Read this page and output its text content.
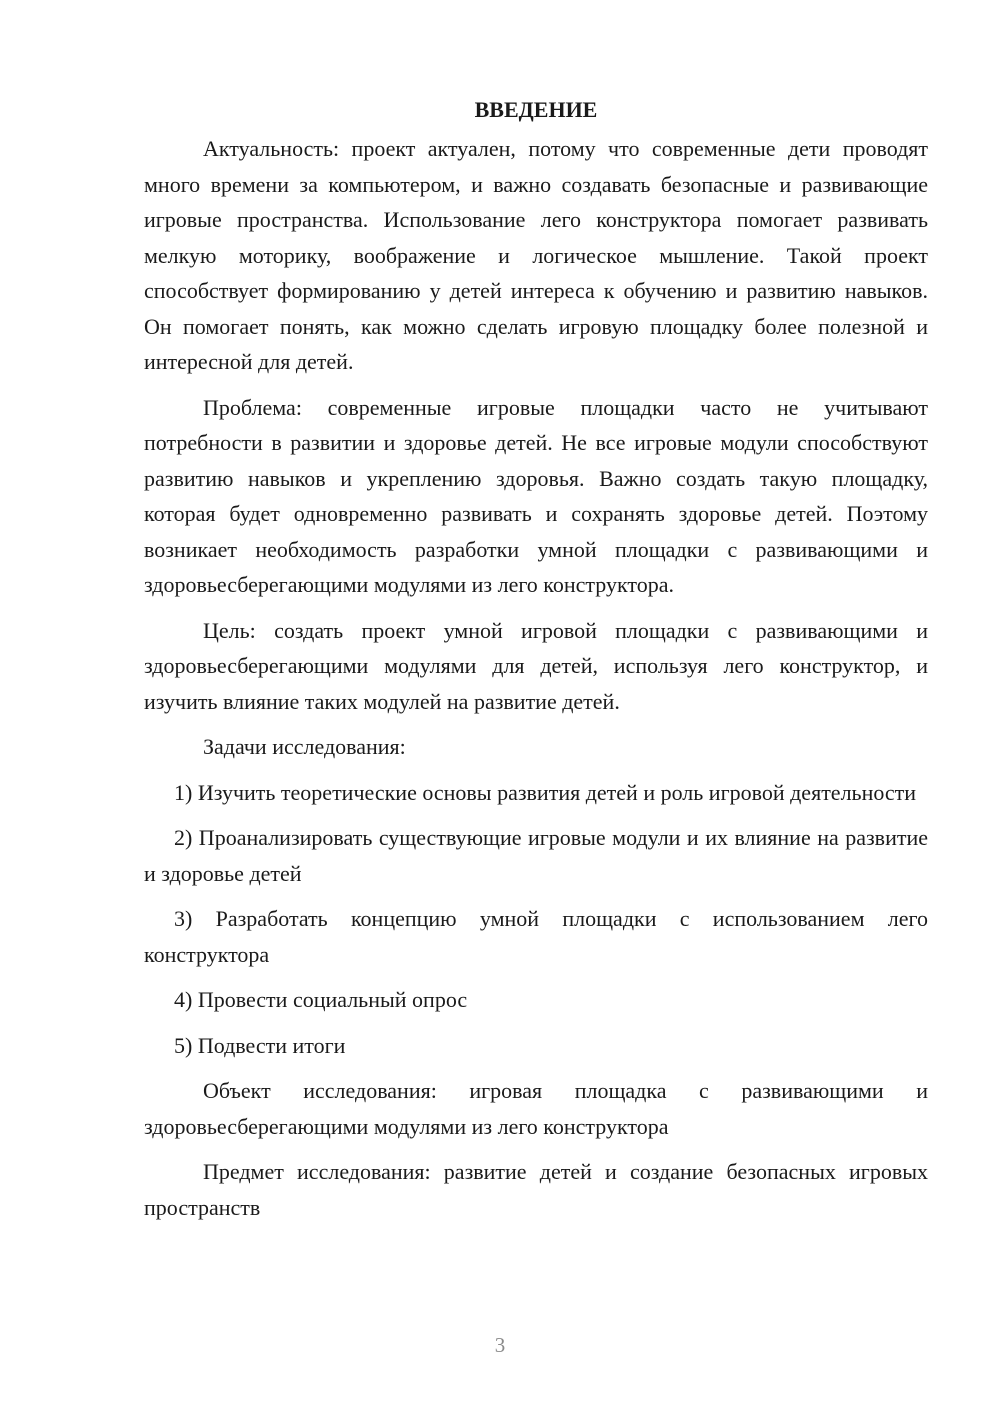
ВВЕДЕНИЕ

Актуальность: проект актуален, потому что современные дети проводят много времени за компьютером, и важно создавать безопасные и развивающие игровые пространства. Использование лего конструктора помогает развивать мелкую моторику, воображение и логическое мышление. Такой проект способствует формированию у детей интереса к обучению и развитию навыков. Он помогает понять, как можно сделать игровую площадку более полезной и интересной для детей.

Проблема: современные игровые площадки часто не учитывают потребности в развитии и здоровье детей. Не все игровые модули способствуют развитию навыков и укреплению здоровья. Важно создать такую площадку, которая будет одновременно развивать и сохранять здоровье детей. Поэтому возникает необходимость разработки умной площадки с развивающими и здоровьесберегающими модулями из лего конструктора.

Цель: создать проект умной игровой площадки с развивающими и здоровьесберегающими модулями для детей, используя лего конструктор, и изучить влияние таких модулей на развитие детей.

Задачи исследования:

1) Изучить теоретические основы развития детей и роль игровой деятельности

2) Проанализировать существующие игровые модули и их влияние на развитие и здоровье детей

3) Разработать концепцию умной площадки с использованием лего конструктора

4) Провести социальный опрос

5) Подвести итоги

Объект исследования: игровая площадка с развивающими и здоровьесберегающими модулями из лего конструктора

Предмет исследования: развитие детей и создание безопасных игровых пространств

3
